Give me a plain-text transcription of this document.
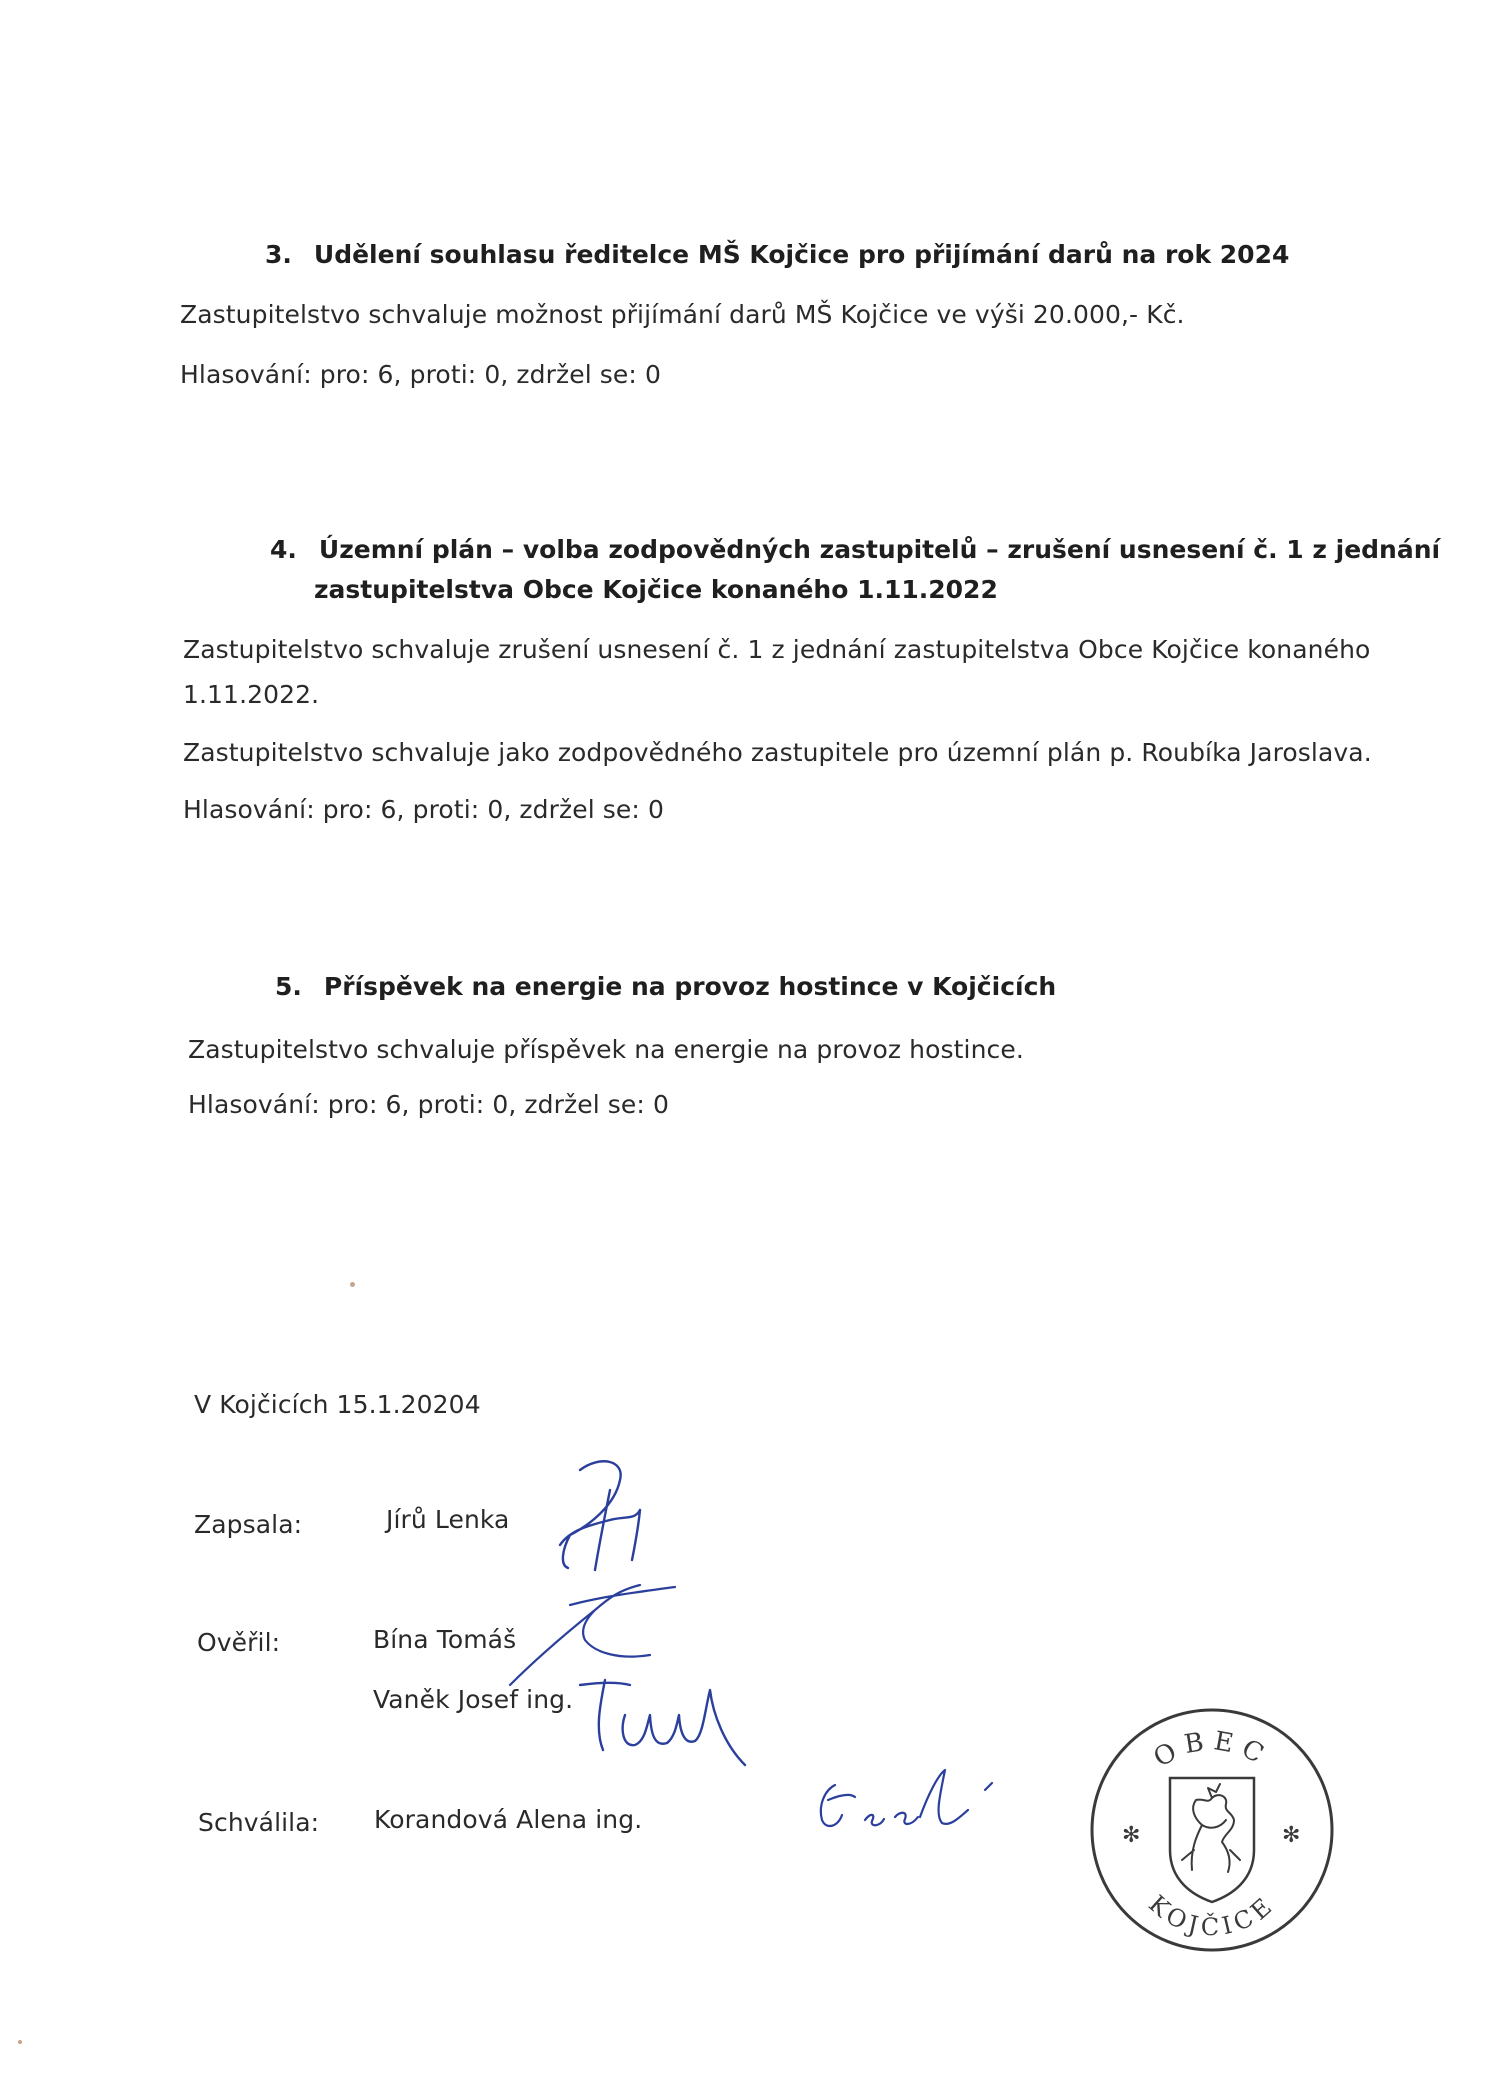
3. Udělení souhlasu ředitelce MŠ Kojčice pro přijímání darů na rok 2024
Zastupitelstvo schvaluje možnost přijímání darů MŠ Kojčice ve výši 20.000,- Kč.
Hlasování: pro: 6, proti: 0, zdržel se: 0
4. Územní plán – volba zodpovědných zastupitelů – zrušení usnesení č. 1 z jednání
zastupitelstva Obce Kojčice konaného 1.11.2022
Zastupitelstvo schvaluje zrušení usnesení č. 1 z jednání zastupitelstva Obce Kojčice konaného
1.11.2022.
Zastupitelstvo schvaluje jako zodpovědného zastupitele pro územní plán p. Roubíka Jaroslava.
Hlasování: pro: 6, proti: 0, zdržel se: 0
5. Příspěvek na energie na provoz hostince v Kojčicích
Zastupitelstvo schvaluje příspěvek na energie na provoz hostince.
Hlasování: pro: 6, proti: 0, zdržel se: 0
V Kojčicích 15.1.20204
Zapsala:	Jírů Lenka
Ověřil:	Bína Tomáš
Vaněk Josef ing.
Schválila: Korandová Alena ing.
OBEC
KOJČICE
✻	✻
